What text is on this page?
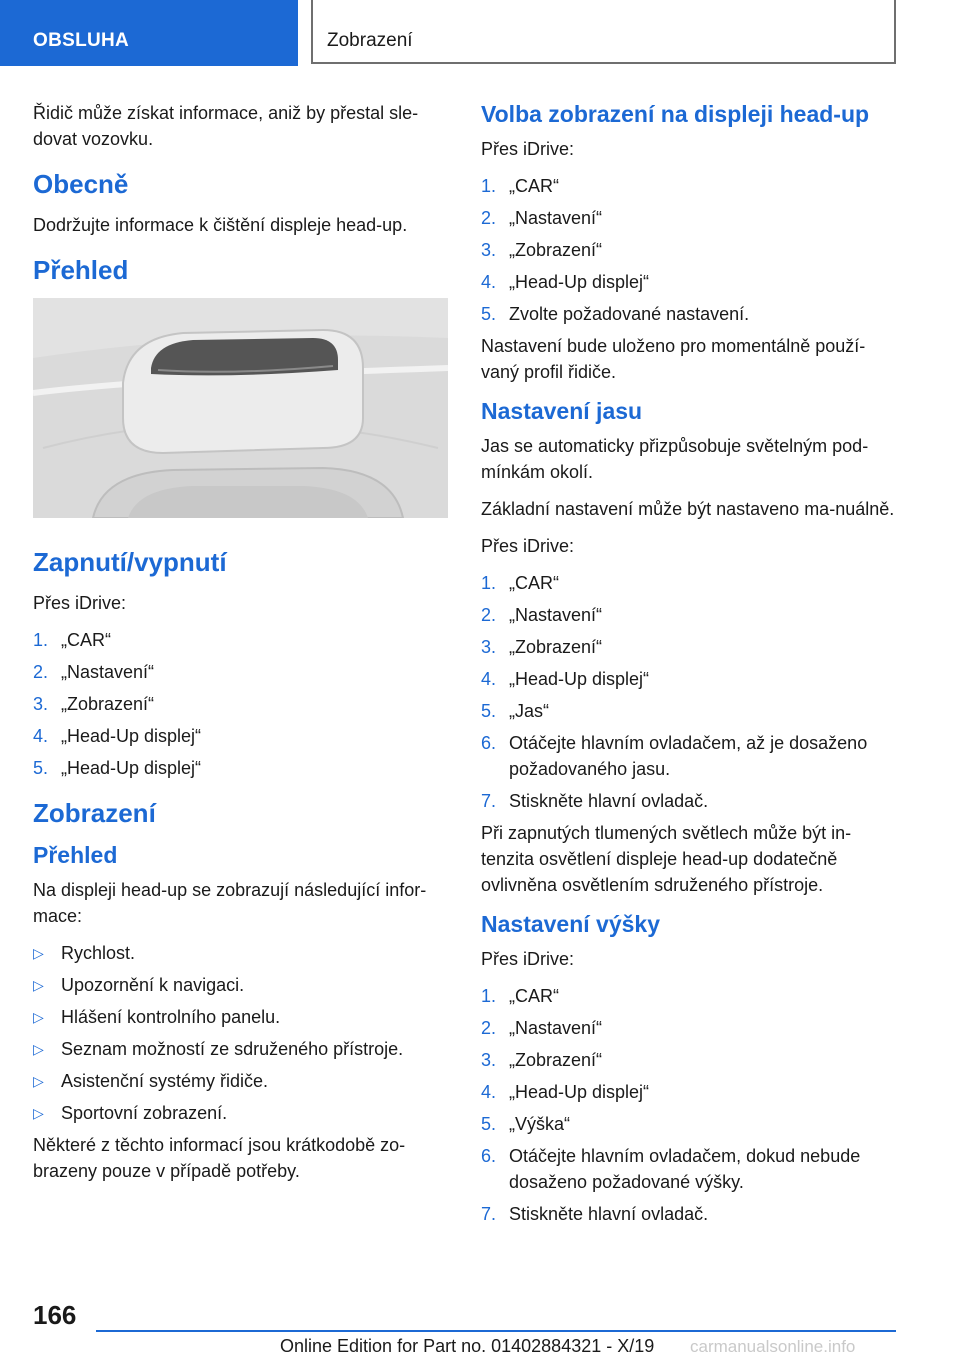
OBSLUHA	Zobrazení

Řidič může získat informace, aniž by přestal sle‐dovat vozovku.

Obecně

Dodržujte informace k čištění displeje head-up.

Přehled
Zapnutí/vypnutí

Přes iDrive:

1. „CAR“
2. „Nastavení“
3. „Zobrazení“
4. „Head-Up displej“
5. „Head-Up displej“
Zobrazení
Přehled

Na displeji head-up se zobrazují následující infor‐mace:

▷ Rychlost.
▷ Upozornění k navigaci.
▷ Hlášení kontrolního panelu.
▷ Seznam možností ze sdruženého přístroje.
▷ Asistenční systémy řidiče.
▷ Sportovní zobrazení.

Některé z těchto informací jsou krátkodobě zo‐brazeny pouze v případě potřeby.

Volba zobrazení na displeji head-up

Přes iDrive:

1. „CAR“
2. „Nastavení“
3. „Zobrazení“
4. „Head-Up displej“
5. Zvolte požadované nastavení.

Nastavení bude uloženo pro momentálně použí‐vaný profil řidiče.

Nastavení jasu

Jas se automaticky přizpůsobuje světelným pod‐mínkám okolí.

Základní nastavení může být nastaveno ma‐nuálně.

Přes iDrive:

1. „CAR“
2. „Nastavení“
3. „Zobrazení“
4. „Head-Up displej“
5. „Jas“
6. Otáčejte hlavním ovladačem, až je dosaženo požadovaného jasu.
7. Stiskněte hlavní ovladač.

Při zapnutých tlumených světlech může být in‐tenzita osvětlení displeje head-up dodatečně ovlivněna osvětlením sdruženého přístroje.

Nastavení výšky

Přes iDrive:

1. „CAR“
2. „Nastavení“
3. „Zobrazení“
4. „Head-Up displej“
5. „Výška“
6. Otáčejte hlavním ovladačem, dokud nebude dosaženo požadované výšky.
7. Stiskněte hlavní ovladač.
166
Online Edition for Part no. 01402884321 - X/19 carmanualsonline.info
